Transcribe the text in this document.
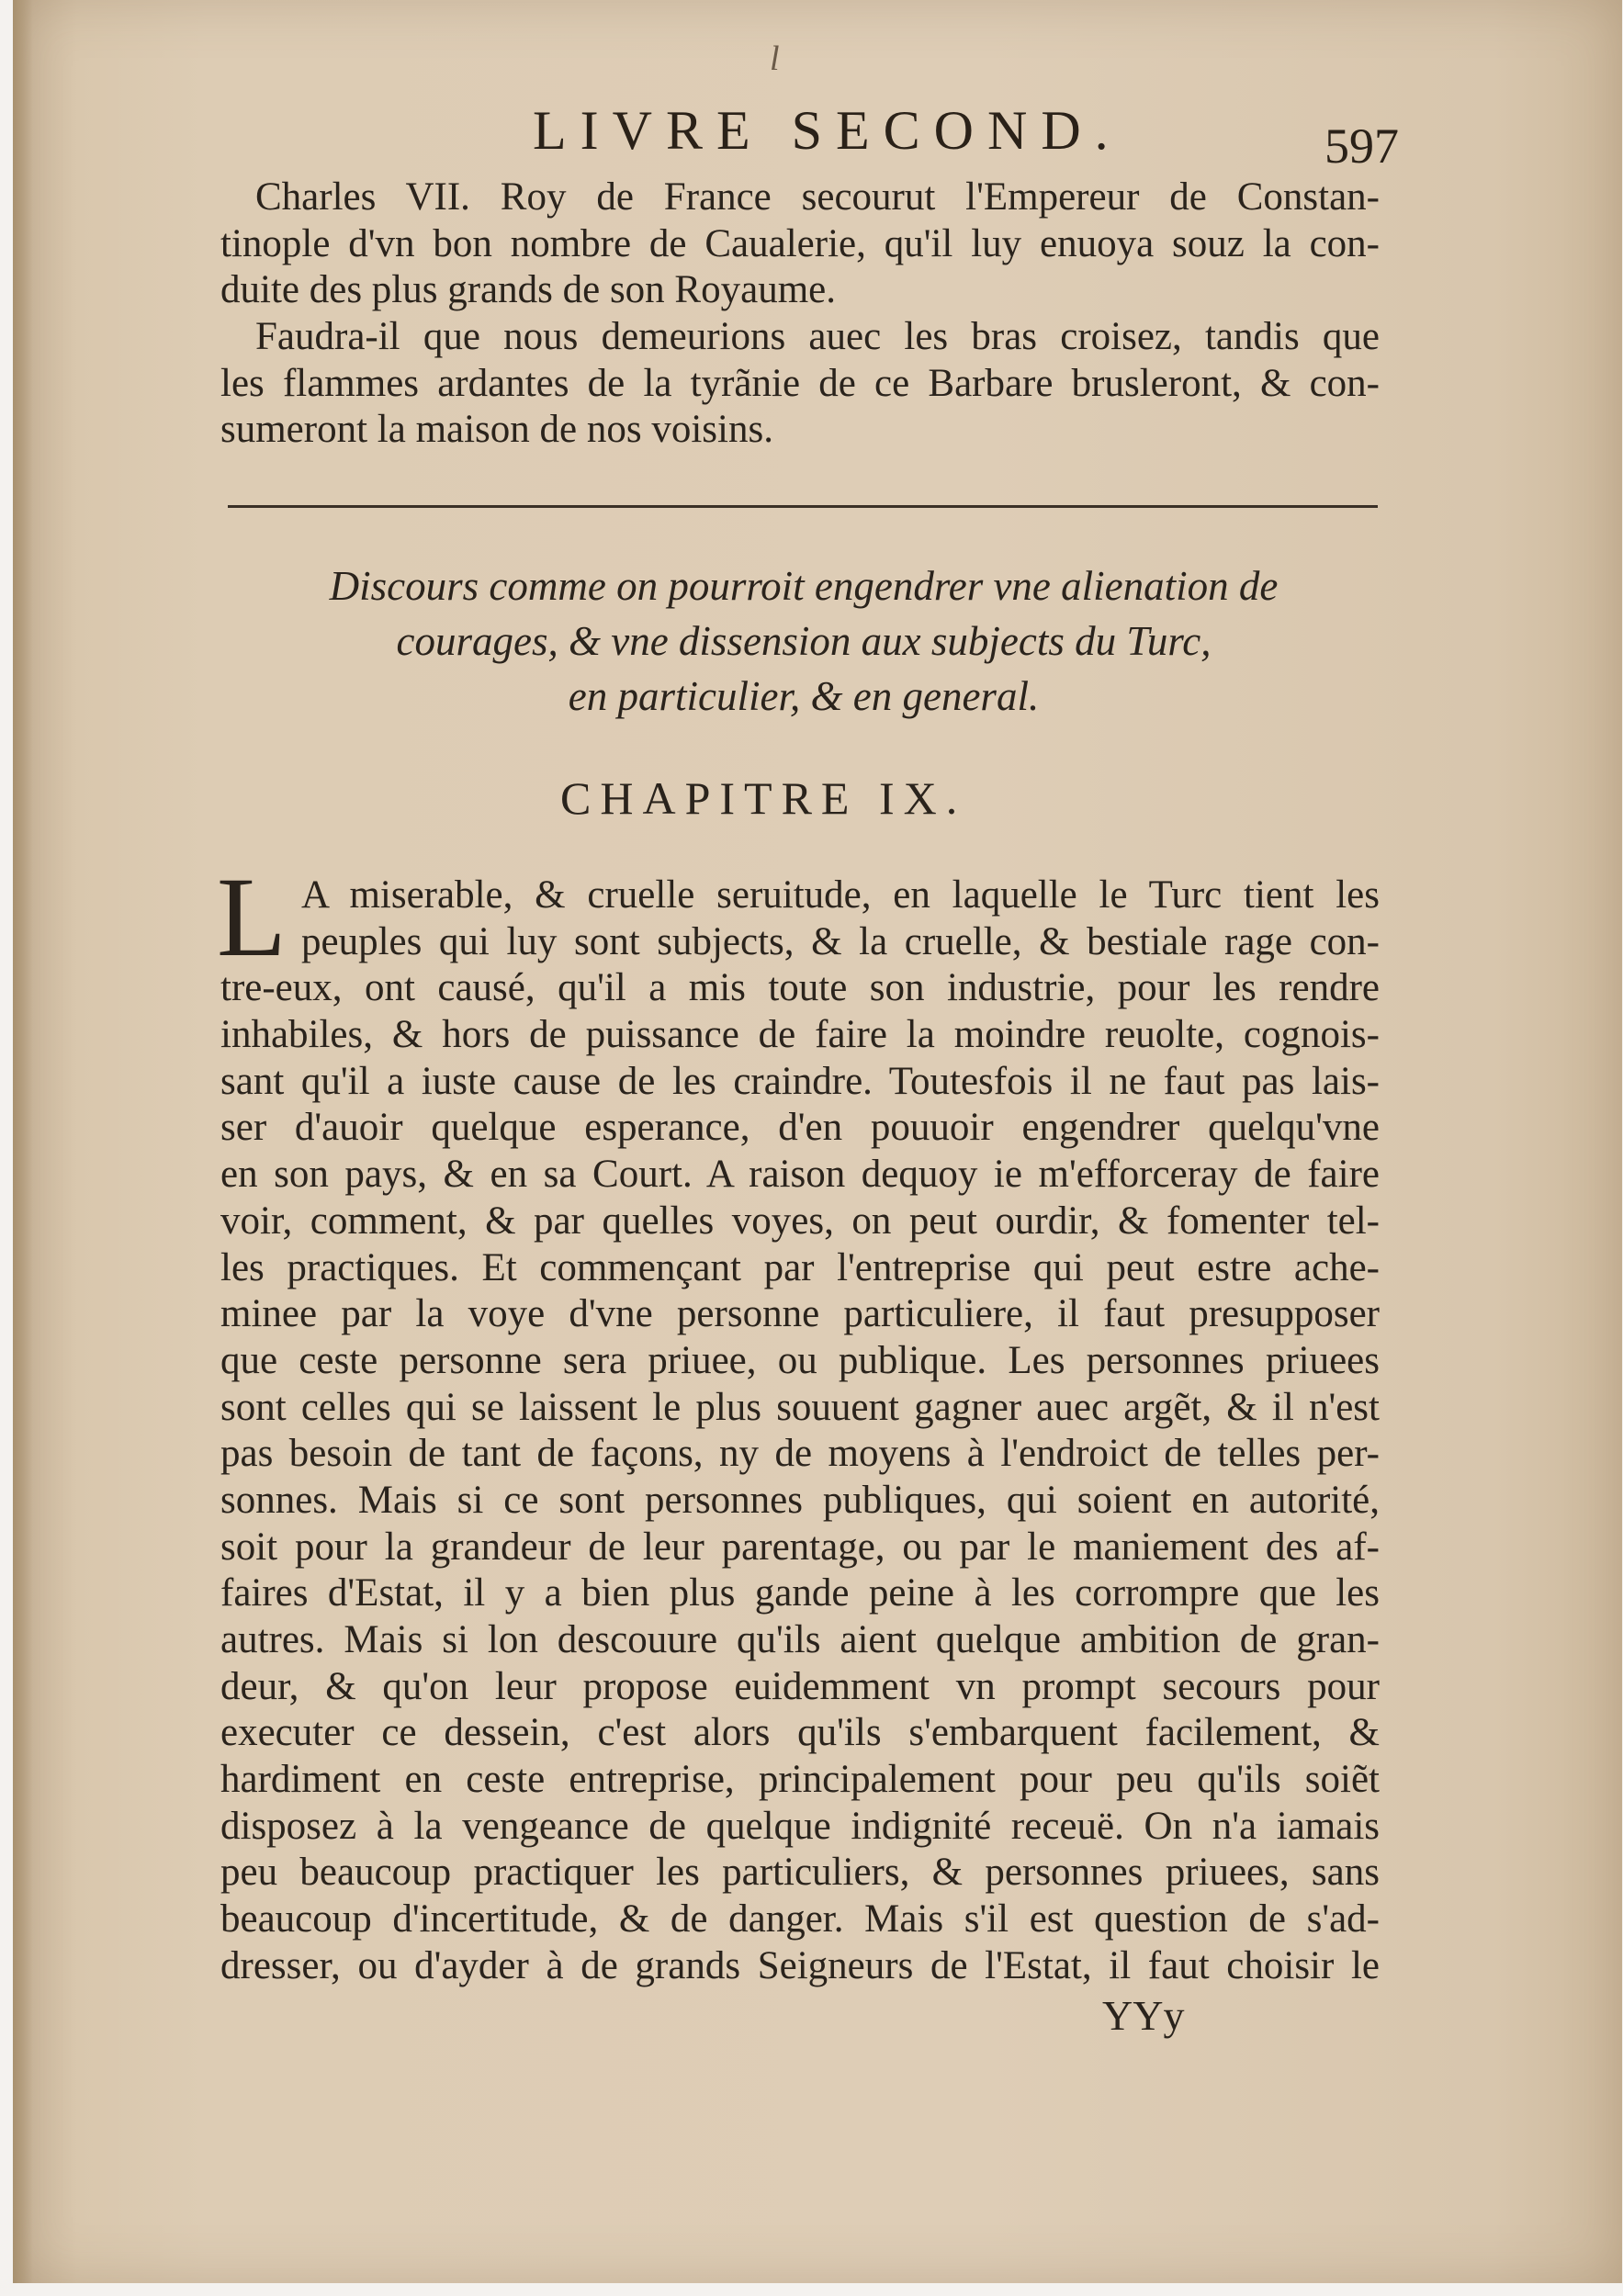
l
LIVRE SECOND.	597
Charles VII. Roy de France secourut l'Empereur de Constan-
tinople d'vn bon nombre de Caualerie, qu'il luy enuoya souz la con-
duite des plus grands de son Royaume.
Faudra-il que nous demeurions auec les bras croisez, tandis que
les flammes ardantes de la tyrãnie de ce Barbare brusleront, & con-
sumeront la maison de nos voisins.
Discours comme on pourroit engendrer vne alienation de
courages, & vne dissension aux subjects du Turc,
en particulier, & en general.
CHAPITRE IX.
L A miserable, & cruelle seruitude, en laquelle le Turc tient les
peuples qui luy sont subjects, & la cruelle, & bestiale rage con-
tre-eux, ont causé, qu'il a mis toute son industrie, pour les rendre
inhabiles, & hors de puissance de faire la moindre reuolte, cognois-
sant qu'il a iuste cause de les craindre. Toutesfois il ne faut pas lais-
ser d'auoir quelque esperance, d'en pouuoir engendrer quelqu'vne
en son pays, & en sa Court. A raison dequoy ie m'efforceray de faire
voir, comment, & par quelles voyes, on peut ourdir, & fomenter tel-
les practiques. Et commençant par l'entreprise qui peut estre ache-
minee par la voye d'vne personne particuliere, il faut presupposer
que ceste personne sera priuee, ou publique. Les personnes priuees
sont celles qui se laissent le plus souuent gagner auec argẽt, & il n'est
pas besoin de tant de façons, ny de moyens à l'endroict de telles per-
sonnes. Mais si ce sont personnes publiques, qui soient en autorité,
soit pour la grandeur de leur parentage, ou par le maniement des af-
faires d'Estat, il y a bien plus gande peine à les corrompre que les
autres. Mais si lon descouure qu'ils aient quelque ambition de gran-
deur, & qu'on leur propose euidemment vn prompt secours pour
executer ce dessein, c'est alors qu'ils s'embarquent facilement, &
hardiment en ceste entreprise, principalement pour peu qu'ils soiẽt
disposez à la vengeance de quelque indignité receuë. On n'a iamais
peu beaucoup practiquer les particuliers, & personnes priuees, sans
beaucoup d'incertitude, & de danger. Mais s'il est question de s'ad-
dresser, ou d'ayder à de grands Seigneurs de l'Estat, il faut choisir le
YYy
